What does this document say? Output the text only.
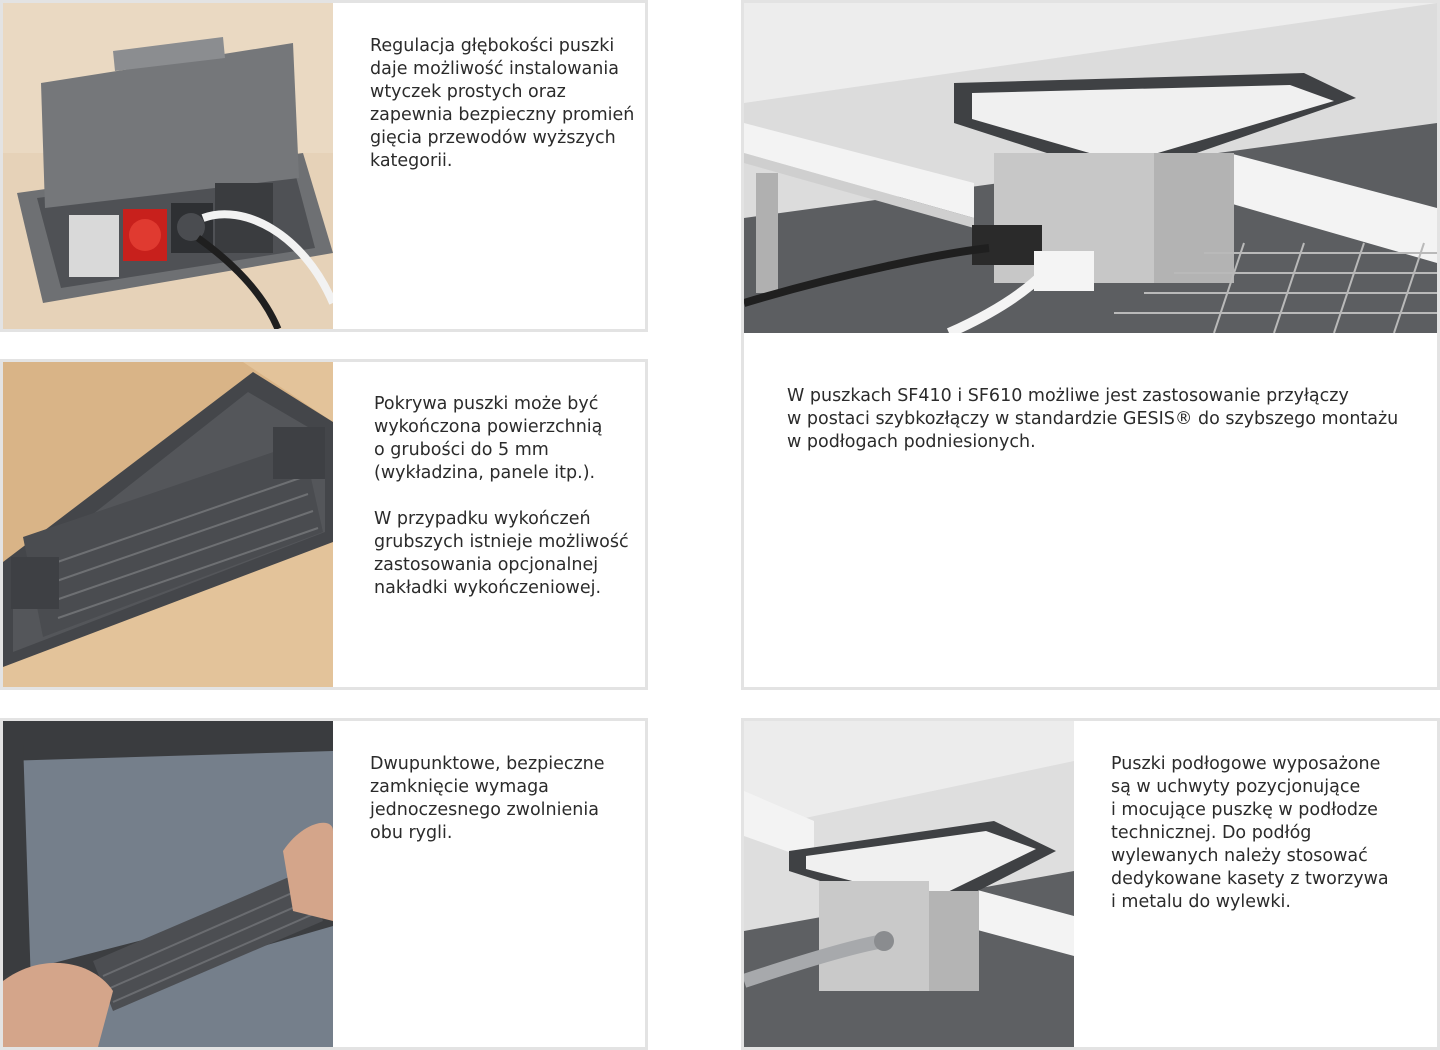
Regulacja głębokości puszki
daje możliwość instalowania
wtyczek prostych oraz
zapewnia bezpieczny promień
gięcia przewodów wyższych
kategorii.
Pokrywa puszki może być
wykończona powierzchnią
o grubości do 5 mm
(wykładzina, panele itp.).

W przypadku wykończeń
grubszych istnieje możliwość
zastosowania opcjonalnej
nakładki wykończeniowej.
Dwupunktowe, bezpieczne
zamknięcie wymaga
jednoczesnego zwolnienia
obu rygli.
W puszkach SF410 i SF610 możliwe jest zastosowanie przyłączy
w postaci szybkozłączy w standardzie GESIS® do szybszego montażu
w podłogach podniesionych.
Puszki podłogowe wyposażone
są w uchwyty pozycjonujące
i mocujące puszkę w podłodze
technicznej. Do podłóg
wylewanych należy stosować
dedykowane kasety z tworzywa
i metalu do wylewki.
